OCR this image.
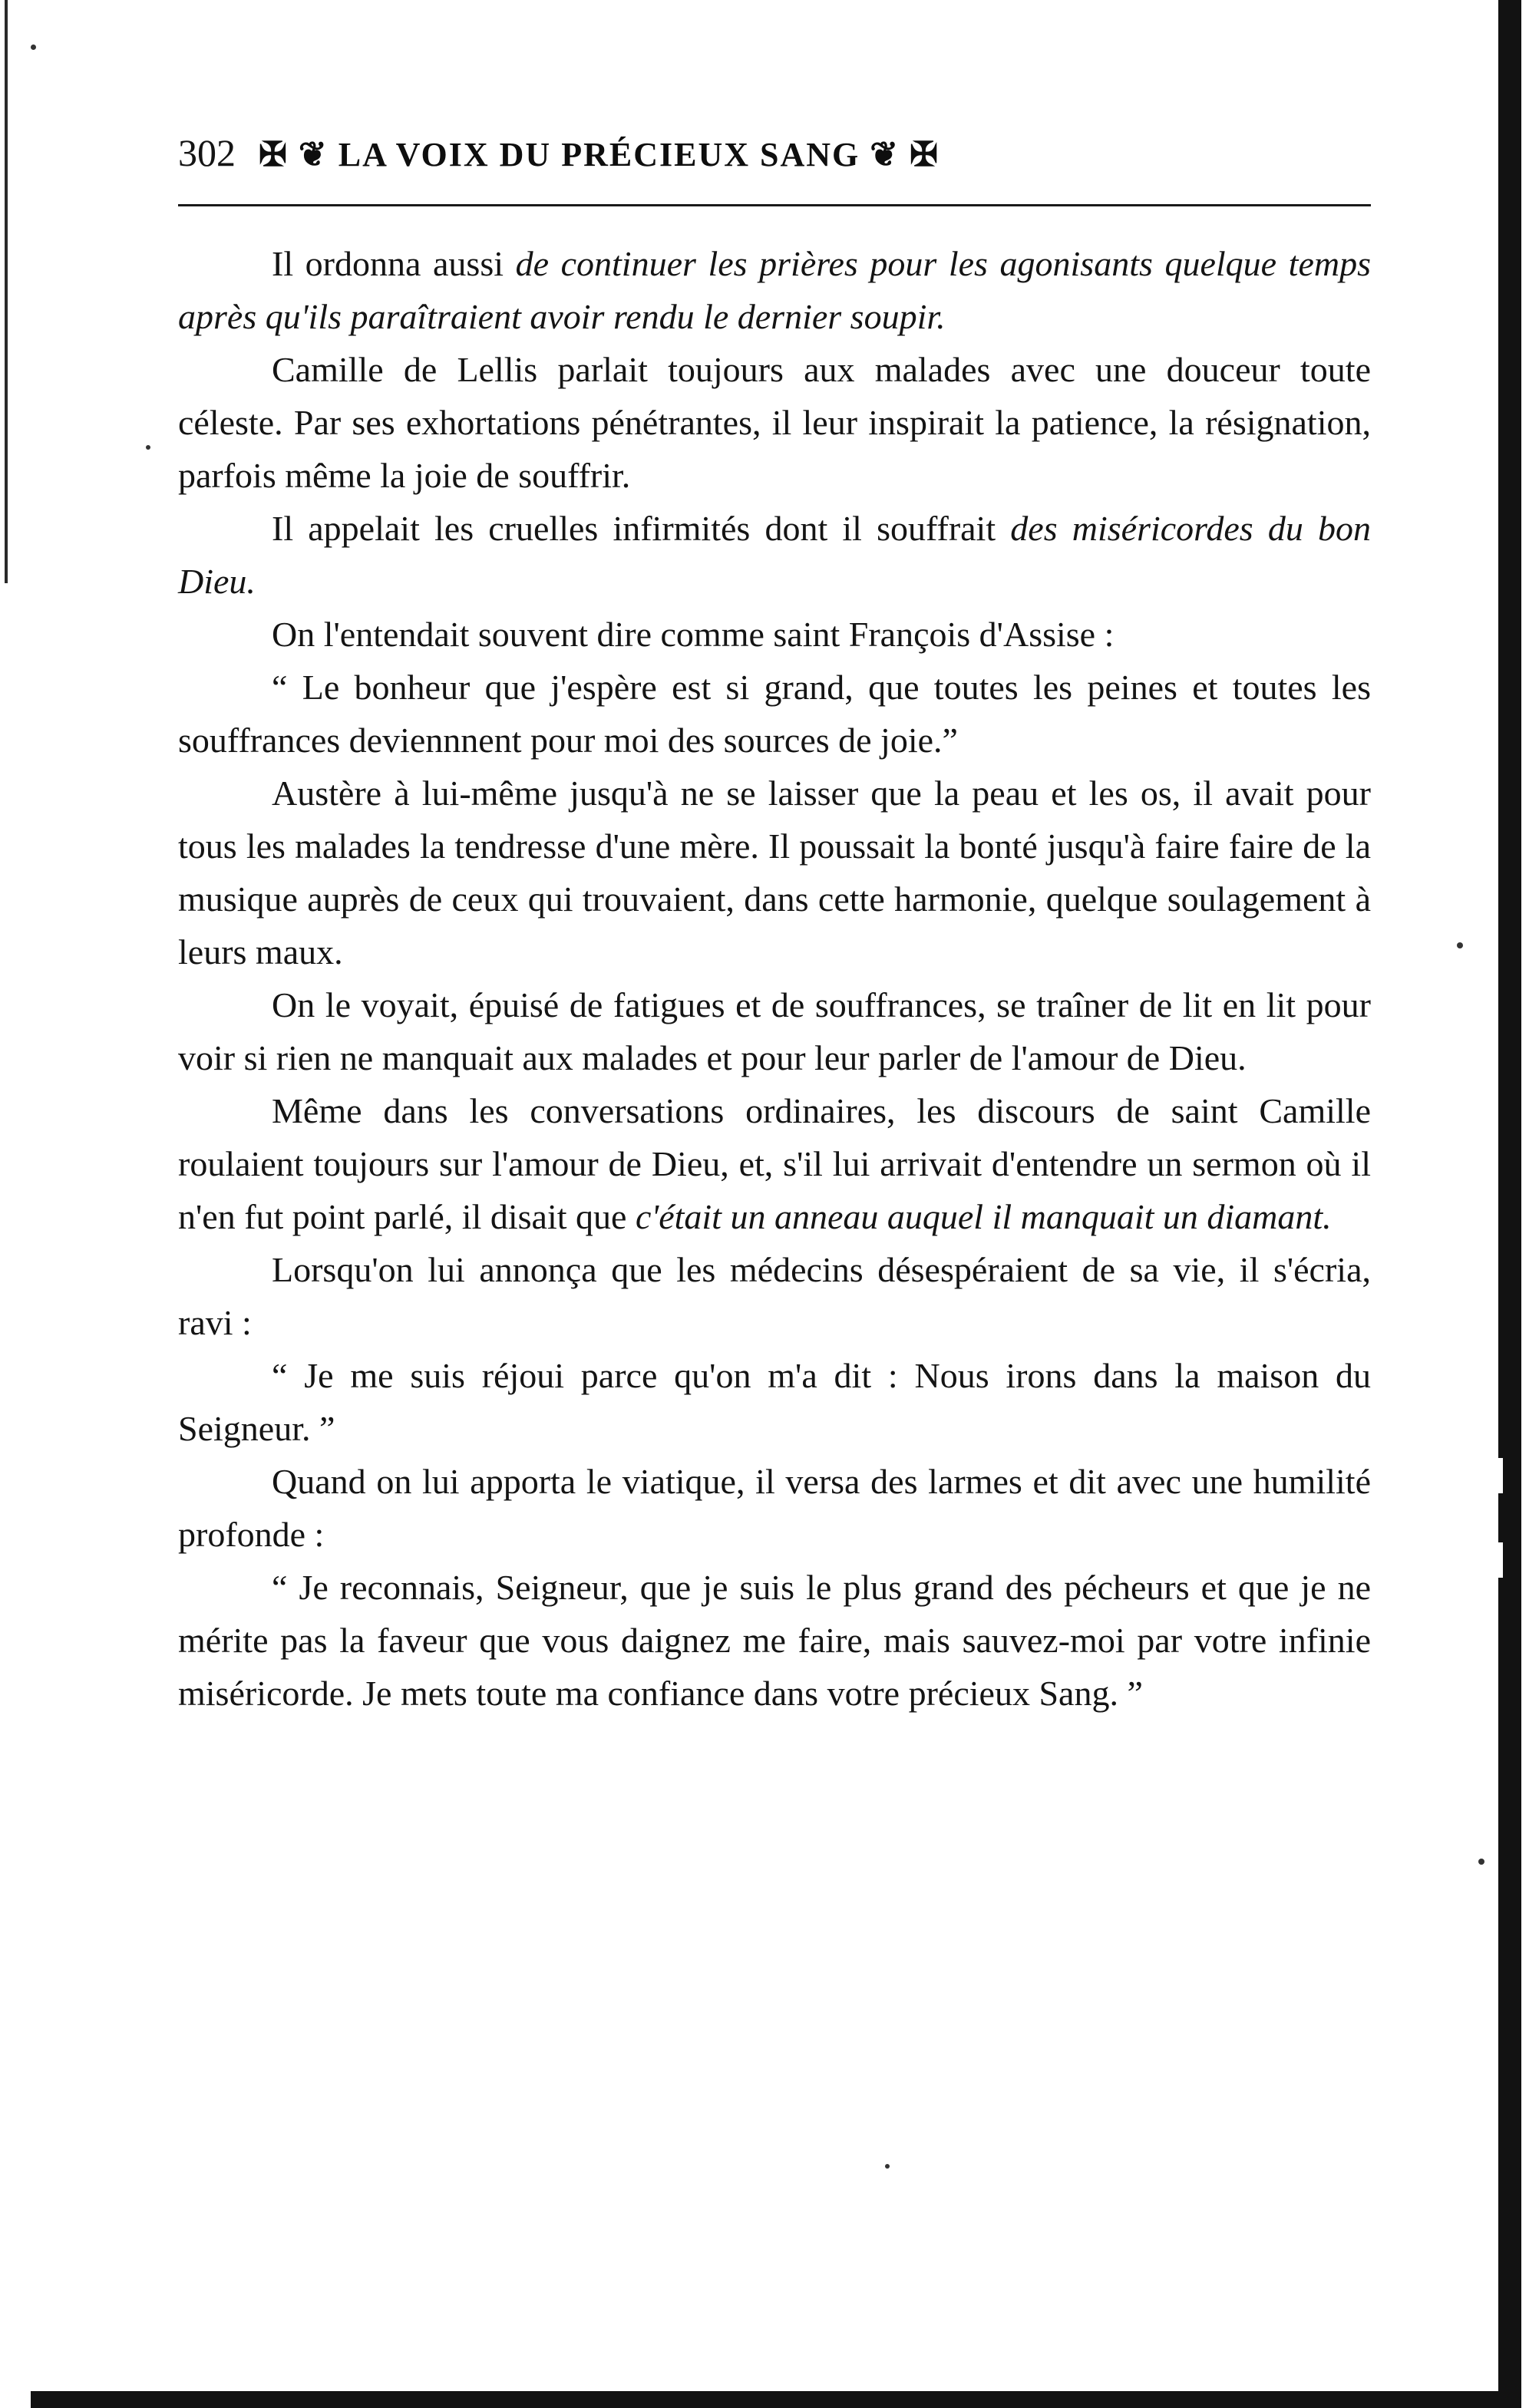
302 ✠ ❦ LA VOIX DU PRÉCIEUX SANG ❦ ✠

Il ordonna aussi de continuer les prières pour les agonisants quelque temps après qu'ils paraîtraient avoir rendu le dernier soupir.

Camille de Lellis parlait toujours aux malades avec une douceur toute céleste. Par ses exhortations pénétrantes, il leur inspirait la patience, la résignation, parfois même la joie de souffrir.

Il appelait les cruelles infirmités dont il souffrait des miséricordes du bon Dieu.

On l'entendait souvent dire comme saint François d'Assise :

“ Le bonheur que j'espère est si grand, que toutes les peines et toutes les souffrances deviennnent pour moi des sources de joie.”

Austère à lui-même jusqu'à ne se laisser que la peau et les os, il avait pour tous les malades la tendresse d'une mère. Il poussait la bonté jusqu'à faire faire de la musique auprès de ceux qui trouvaient, dans cette harmonie, quelque soulagement à leurs maux.

On le voyait, épuisé de fatigues et de souffrances, se traîner de lit en lit pour voir si rien ne manquait aux malades et pour leur parler de l'amour de Dieu.

Même dans les conversations ordinaires, les discours de saint Camille roulaient toujours sur l'amour de Dieu, et, s'il lui arrivait d'entendre un sermon où il n'en fut point parlé, il disait que c'était un anneau auquel il manquait un diamant.

Lorsqu'on lui annonça que les médecins désespéraient de sa vie, il s'écria, ravi :

“ Je me suis réjoui parce qu'on m'a dit : Nous irons dans la maison du Seigneur. ”

Quand on lui apporta le viatique, il versa des larmes et dit avec une humilité profonde :

“ Je reconnais, Seigneur, que je suis le plus grand des pécheurs et que je ne mérite pas la faveur que vous daignez me faire, mais sauvez-moi par votre infinie miséricorde. Je mets toute ma confiance dans votre précieux Sang. ”
